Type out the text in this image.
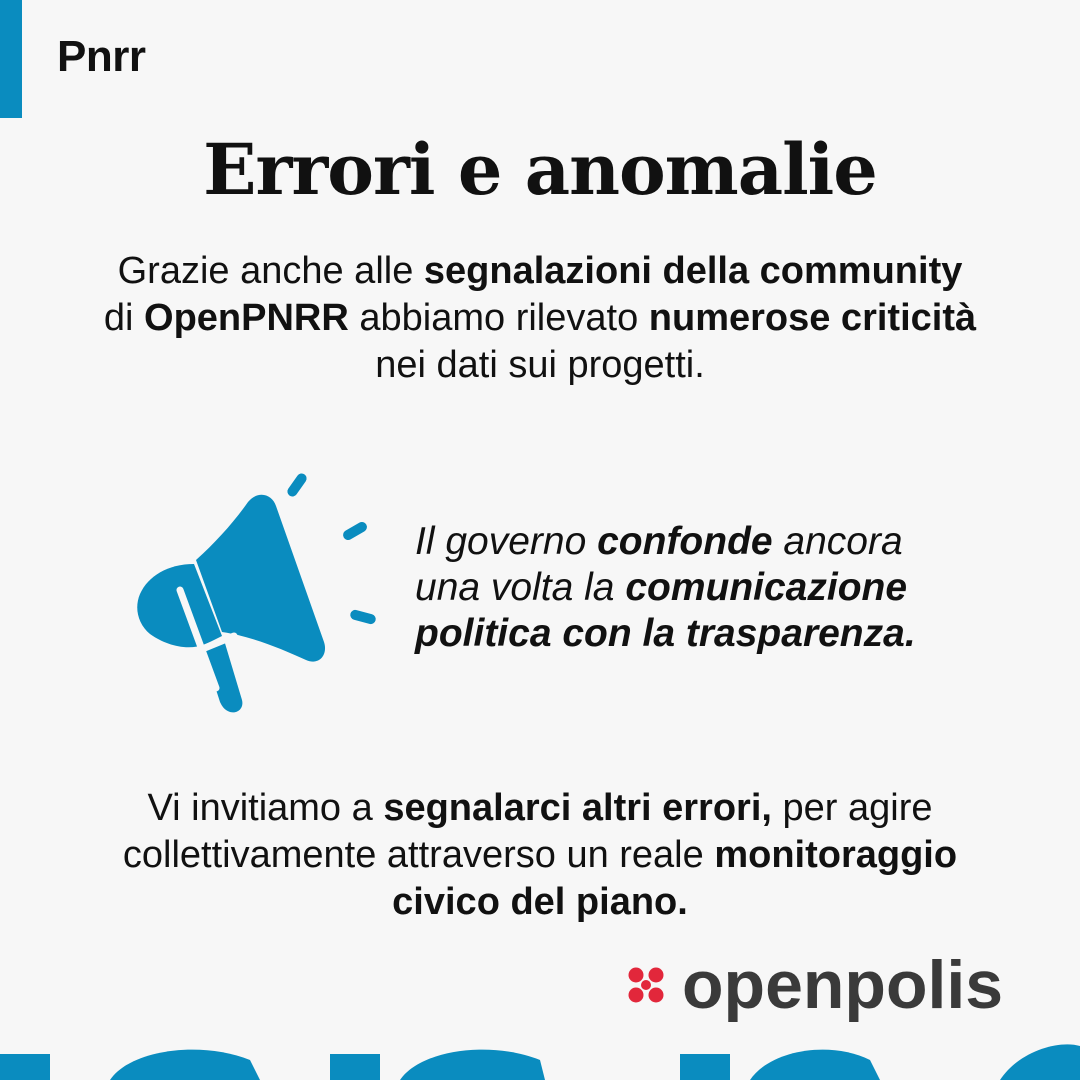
Pnrr
Errori e anomalie
Grazie anche alle segnalazioni della community
di OpenPNRR abbiamo rilevato numerose criticità
nei dati sui progetti.
Il governo confonde ancora
una volta la comunicazione
politica con la trasparenza.
Vi invitiamo a segnalarci altri errori, per agire
collettivamente attraverso un reale monitoraggio
civico del piano.
openpolis
